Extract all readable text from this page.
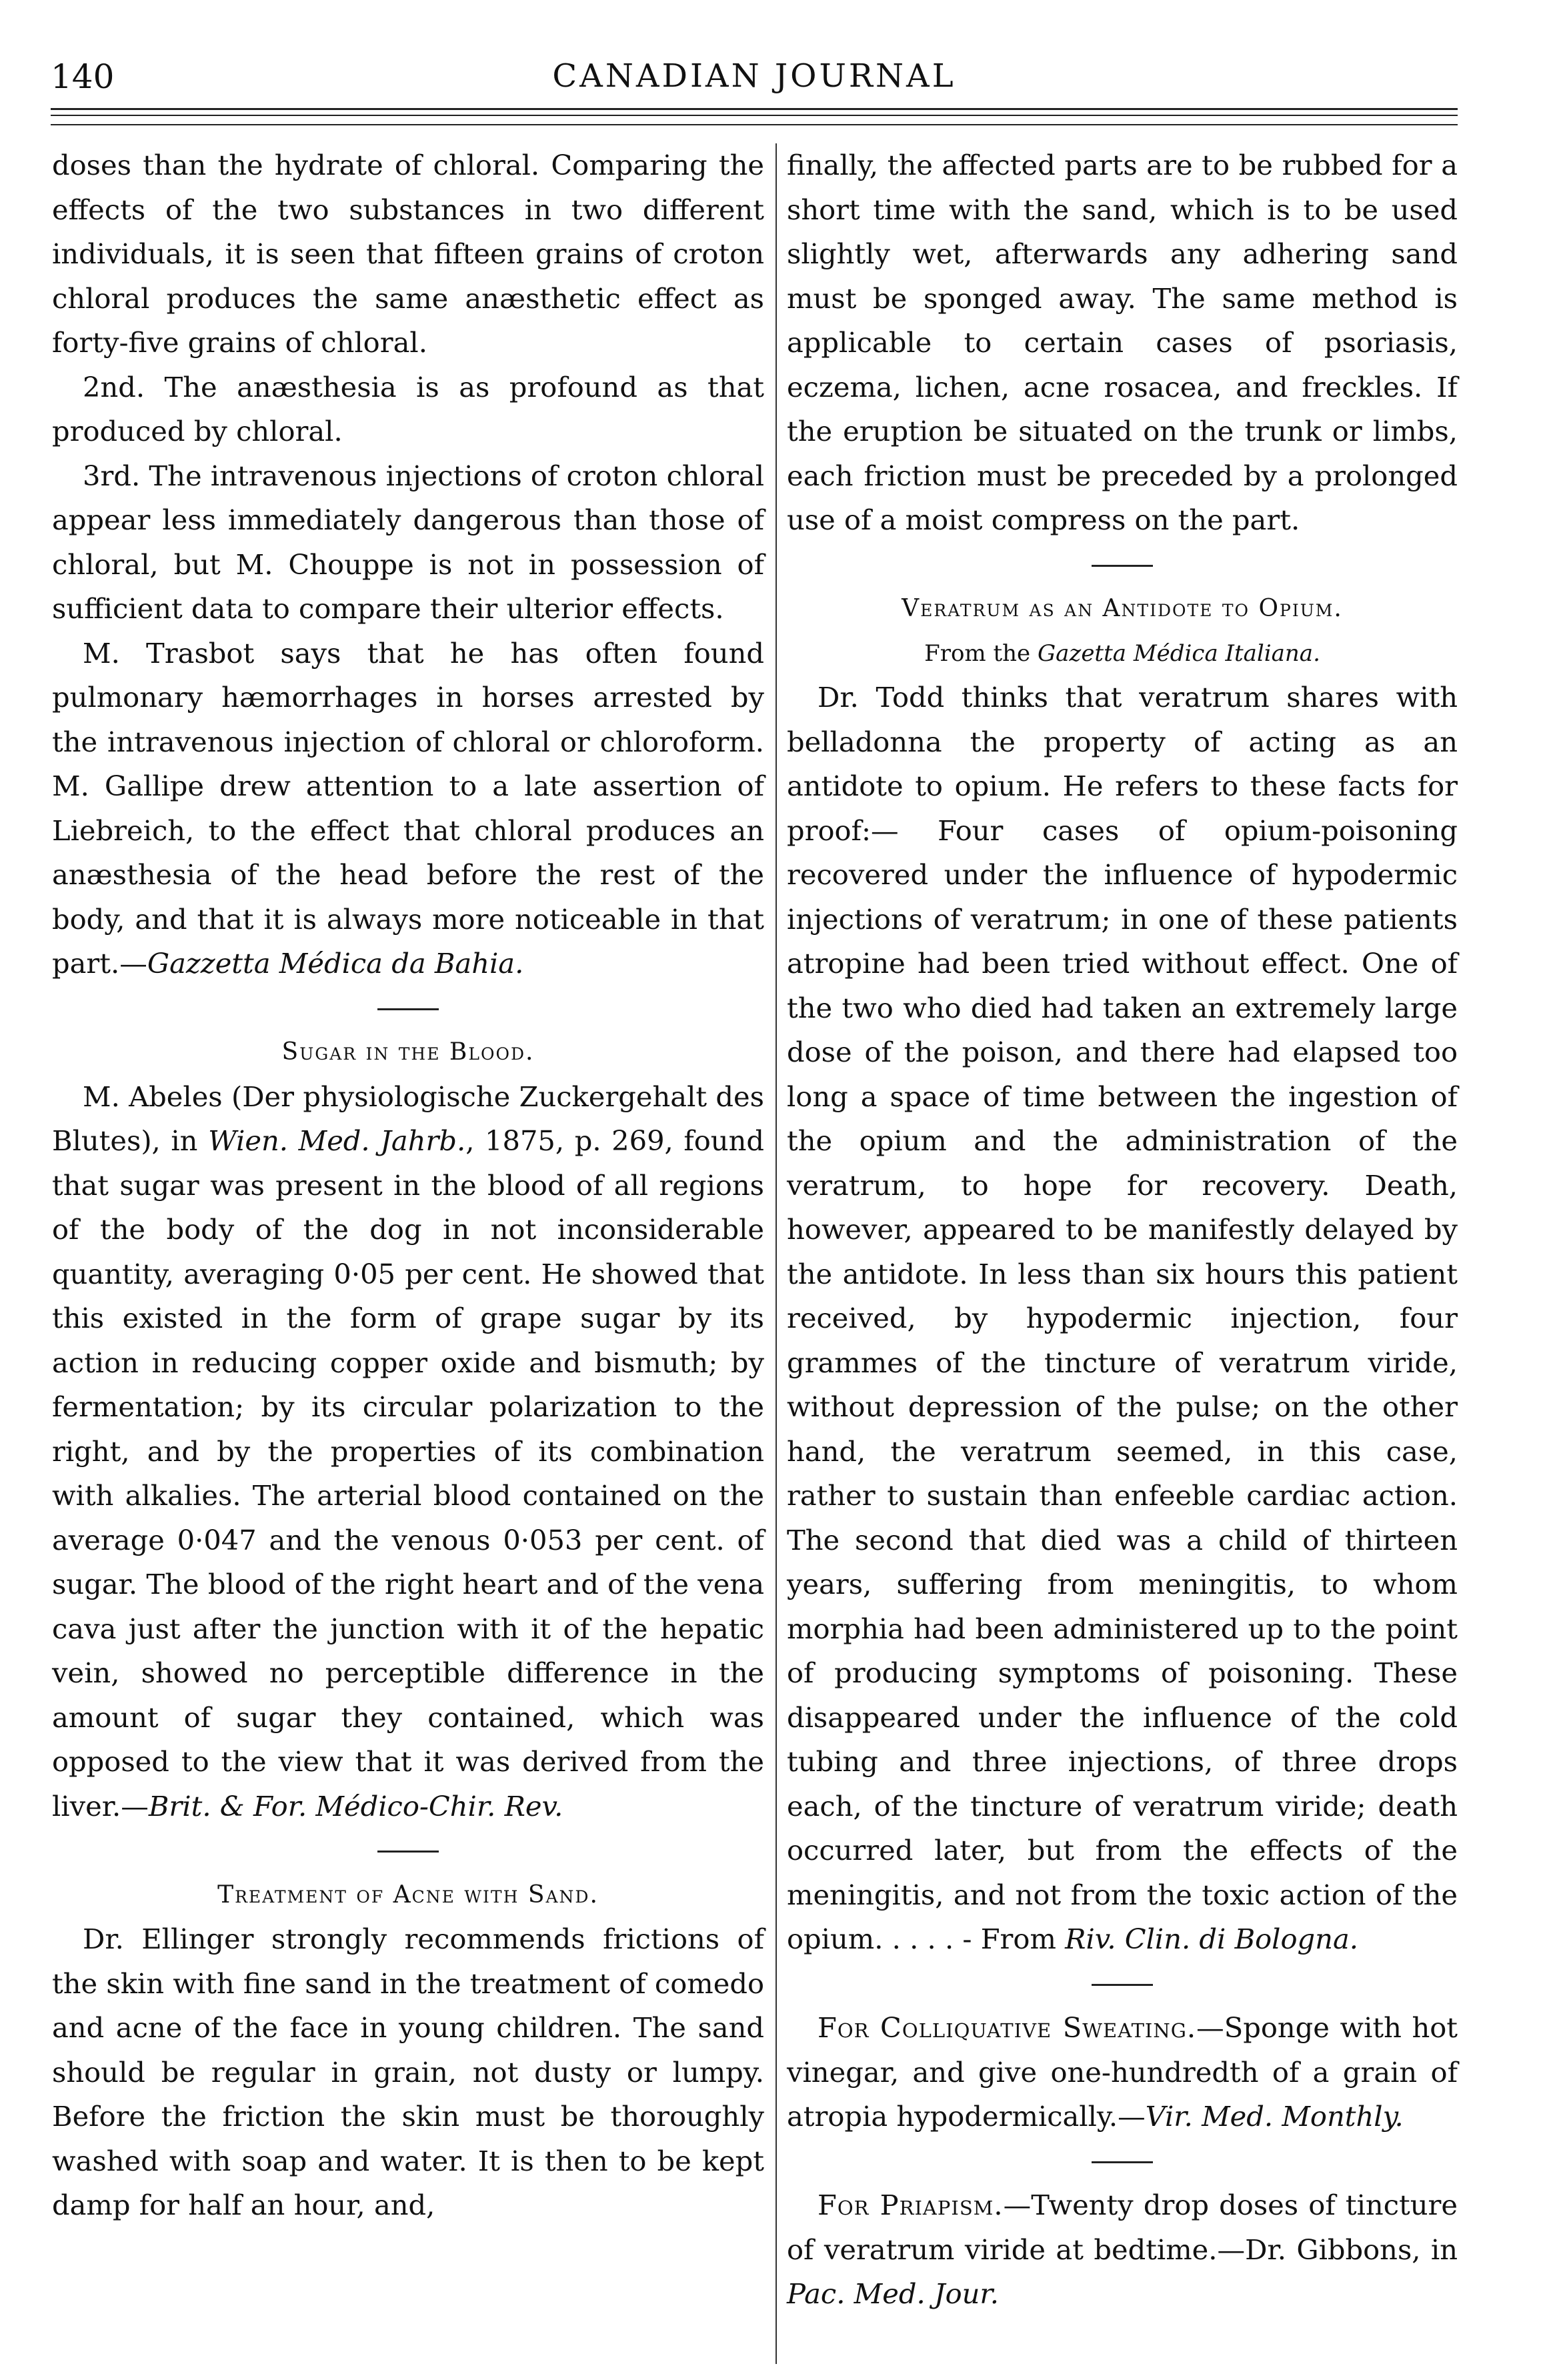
140	CANADIAN JOURNAL

doses than the hydrate of chloral. Comparing the effects of the two substances in two different individuals, it is seen that fifteen grains of croton chloral produces the same anæsthetic effect as forty-five grains of chloral.

2nd. The anæsthesia is as profound as that produced by chloral.

3rd. The intravenous injections of croton chloral appear less immediately dangerous than those of chloral, but M. Chouppe is not in possession of sufficient data to compare their ulterior effects.

M. Trasbot says that he has often found pulmonary hæmorrhages in horses arrested by the intravenous injection of chloral or chloroform. M. Gallipe drew attention to a late assertion of Liebreich, to the effect that chloral produces an anæsthesia of the head before the rest of the body, and that it is always more noticeable in that part.—Gazzetta Médica da Bahia.

Sugar in the Blood.

M. Abeles (Der physiologische Zuckergehalt des Blutes), in Wien. Med. Jahrb., 1875, p. 269, found that sugar was present in the blood of all regions of the body of the dog in not inconsiderable quantity, averaging 0·05 per cent. He showed that this existed in the form of grape sugar by its action in reducing copper oxide and bismuth; by fermentation; by its circular polarization to the right, and by the properties of its combination with alkalies. The arterial blood contained on the average 0·047 and the venous 0·053 per cent. of sugar. The blood of the right heart and of the vena cava just after the junction with it of the hepatic vein, showed no perceptible difference in the amount of sugar they contained, which was opposed to the view that it was derived from the liver.—Brit. & For. Médico-Chir. Rev.

Treatment of Acne with Sand.

Dr. Ellinger strongly recommends frictions of the skin with fine sand in the treatment of comedo and acne of the face in young children. The sand should be regular in grain, not dusty or lumpy. Before the friction the skin must be thoroughly washed with soap and water. It is then to be kept damp for half an hour, and,

finally, the affected parts are to be rubbed for a short time with the sand, which is to be used slightly wet, afterwards any adhering sand must be sponged away. The same method is applicable to certain cases of psoriasis, eczema, lichen, acne rosacea, and freckles. If the eruption be situated on the trunk or limbs, each friction must be preceded by a prolonged use of a moist compress on the part.

Veratrum as an Antidote to Opium.

From the Gazetta Médica Italiana.

Dr. Todd thinks that veratrum shares with belladonna the property of acting as an antidote to opium. He refers to these facts for proof:— Four cases of opium-poisoning recovered under the influence of hypodermic injections of veratrum; in one of these patients atropine had been tried without effect. One of the two who died had taken an extremely large dose of the poison, and there had elapsed too long a space of time between the ingestion of the opium and the administration of the veratrum, to hope for recovery. Death, however, appeared to be manifestly delayed by the antidote. In less than six hours this patient received, by hypodermic injection, four grammes of the tincture of veratrum viride, without depression of the pulse; on the other hand, the veratrum seemed, in this case, rather to sustain than enfeeble cardiac action. The second that died was a child of thirteen years, suffering from meningitis, to whom morphia had been administered up to the point of producing symptoms of poisoning. These disappeared under the influence of the cold tubing and three injections, of three drops each, of the tincture of veratrum viride; death occurred later, but from the effects of the meningitis, and not from the toxic action of the opium. . . . . - From Riv. Clin. di Bologna.

For Colliquative Sweating.—Sponge with hot vinegar, and give one-hundredth of a grain of atropia hypodermically.—Vir. Med. Monthly.

For Priapism.—Twenty drop doses of tincture of veratrum viride at bedtime.—Dr. Gibbons, in Pac. Med. Jour.
